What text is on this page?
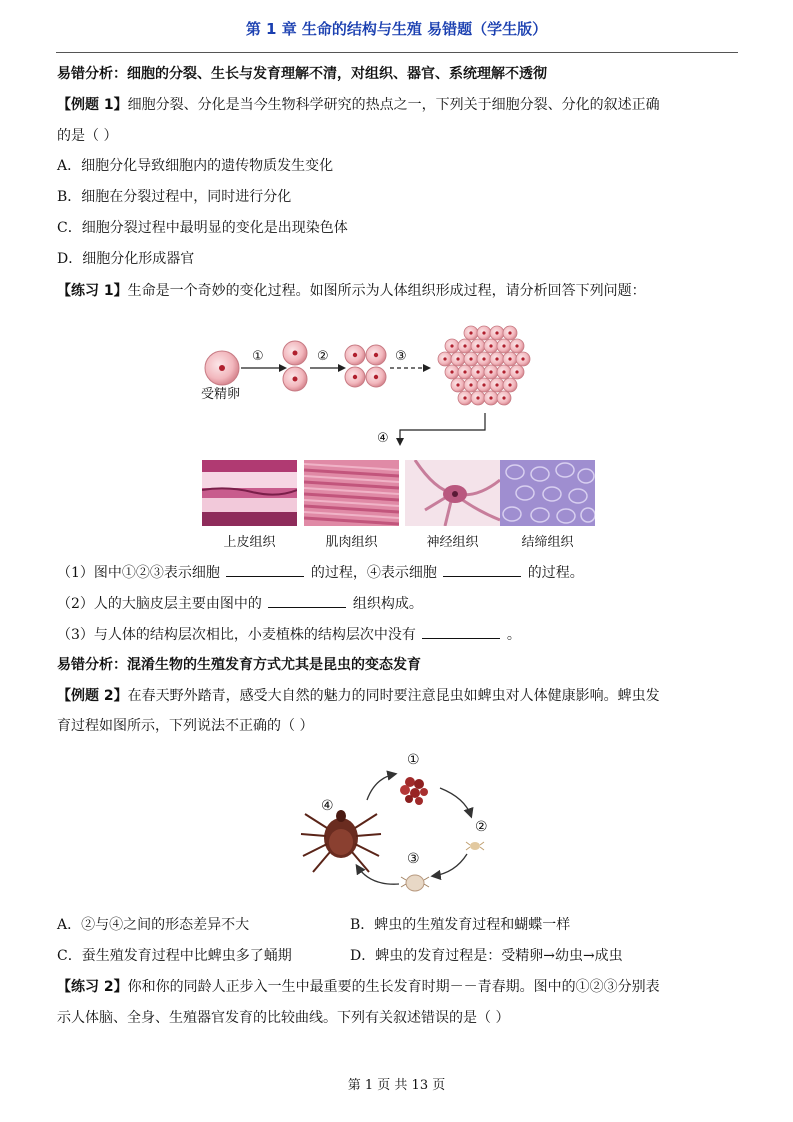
第 1 章 生命的结构与生殖 易错题（学生版）
易错分析：细胞的分裂、生长与发育理解不清，对组织、器官、系统理解不透彻
【例题 1】细胞分裂、分化是当今生物科学研究的热点之一，下列关于细胞分裂、分化的叙述正确
的是（ ）
A．细胞分化导致细胞内的遗传物质发生变化
B．细胞在分裂过程中，同时进行分化
C．细胞分裂过程中最明显的变化是出现染色体
D．细胞分化形成器官
【练习 1】生命是一个奇妙的变化过程。如图所示为人体组织形成过程，请分析回答下列问题：
受精卵
①	②	③
④
上皮组织	肌肉组织	神经组织	结缔组织
（1）图中①②③表示细胞	的过程，④表示细胞	的过程。
（2）人的大脑皮层主要由图中的	组织构成。
（3）与人体的结构层次相比，小麦植株的结构层次中没有	。
易错分析：混淆生物的生殖发育方式尤其是昆虫的变态发育
【例题 2】在春天野外踏青，感受大自然的魅力的同时要注意昆虫如蜱虫对人体健康影响。蜱虫发
育过程如图所示，下列说法不正确的（ ）
①
②
③
④
A．②与④之间的形态差异不大	B．蜱虫的生殖发育过程和蝴蝶一样
C．蚕生殖发育过程中比蜱虫多了蛹期	D．蜱虫的发育过程是：受精卵→幼虫→成虫
【练习 2】你和你的同龄人正步入一生中最重要的生长发育时期－－青春期。图中的①②③分别表
示人体脑、全身、生殖器官发育的比较曲线。下列有关叙述错误的是（ ）
第 1 页 共 13 页
